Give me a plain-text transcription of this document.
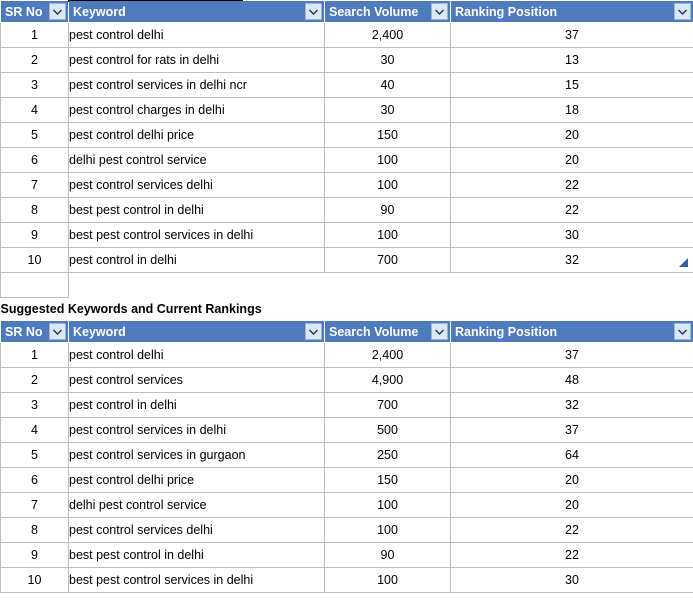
SR No	Keyword	Search Volume	Ranking Position

1	pest control delhi	2,400	37
2	pest control for rats in delhi	30	13
3	pest control services in delhi ncr	40	15
4	pest control charges in delhi	30	18
5	pest control delhi price	150	20
6	delhi pest control service	100	20
7	pest control services delhi	100	22
8	best pest control in delhi	90	22
9	best pest control services in delhi	100	30
10	pest control in delhi	700	32

Suggested Keywords and Current Rankings			

SR No	Keyword	Search Volume	Ranking Position

1	pest control delhi	2,400	37
2	pest control services	4,900	48
3	pest control in delhi	700	32
4	pest control services in delhi	500	37
5	pest control services in gurgaon	250	64
6	pest control delhi price	150	20
7	delhi pest control service	100	20
8	pest control services delhi	100	22
9	best pest control in delhi	90	22
10	best pest control services in delhi	100	30
